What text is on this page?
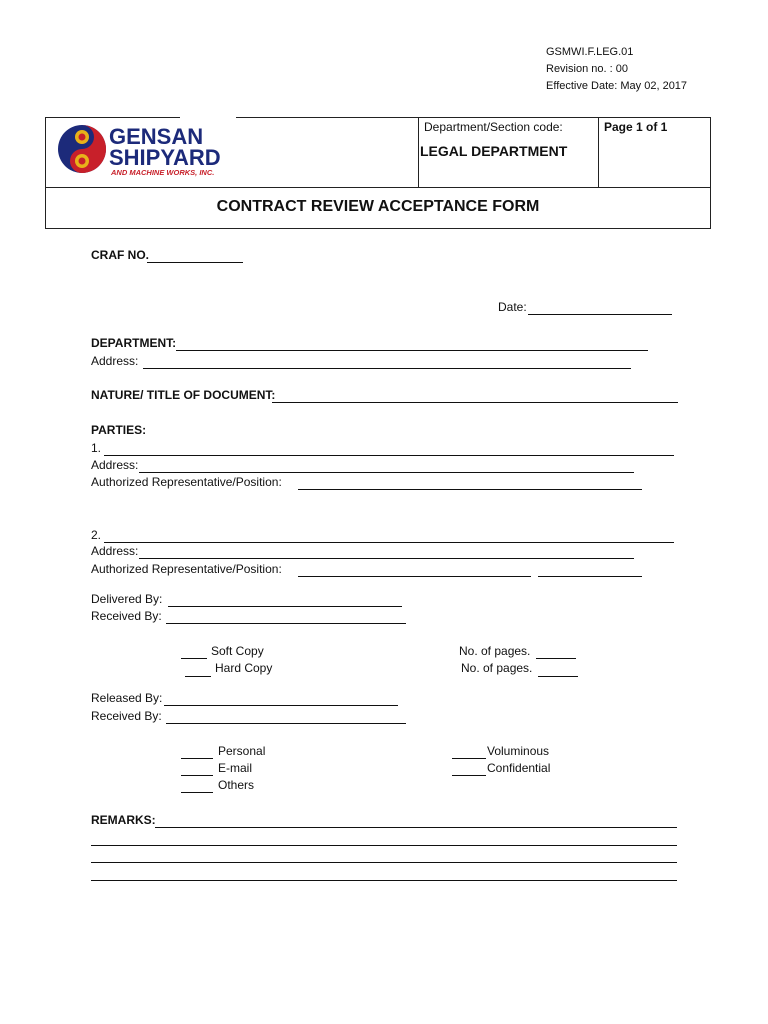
GSMWI.F.LEG.01
Revision no. : 00
Effective Date: May 02, 2017
GENSAN
SHIPYARD
AND MACHINE WORKS, INC.
Department/Section code:
LEGAL DEPARTMENT
Page 1 of 1
CONTRACT REVIEW ACCEPTANCE FORM
CRAF NO.
Date:
DEPARTMENT:
Address:
NATURE/ TITLE OF DOCUMENT:
PARTIES:
1.
Address:
Authorized Representative/Position:
2.
Address:
Authorized Representative/Position:
Delivered By:
Received By:
Soft Copy
Hard Copy
No. of pages.
No. of pages.
Released By:
Received By:
Personal
E-mail
Others
Voluminous
Confidential
REMARKS:
